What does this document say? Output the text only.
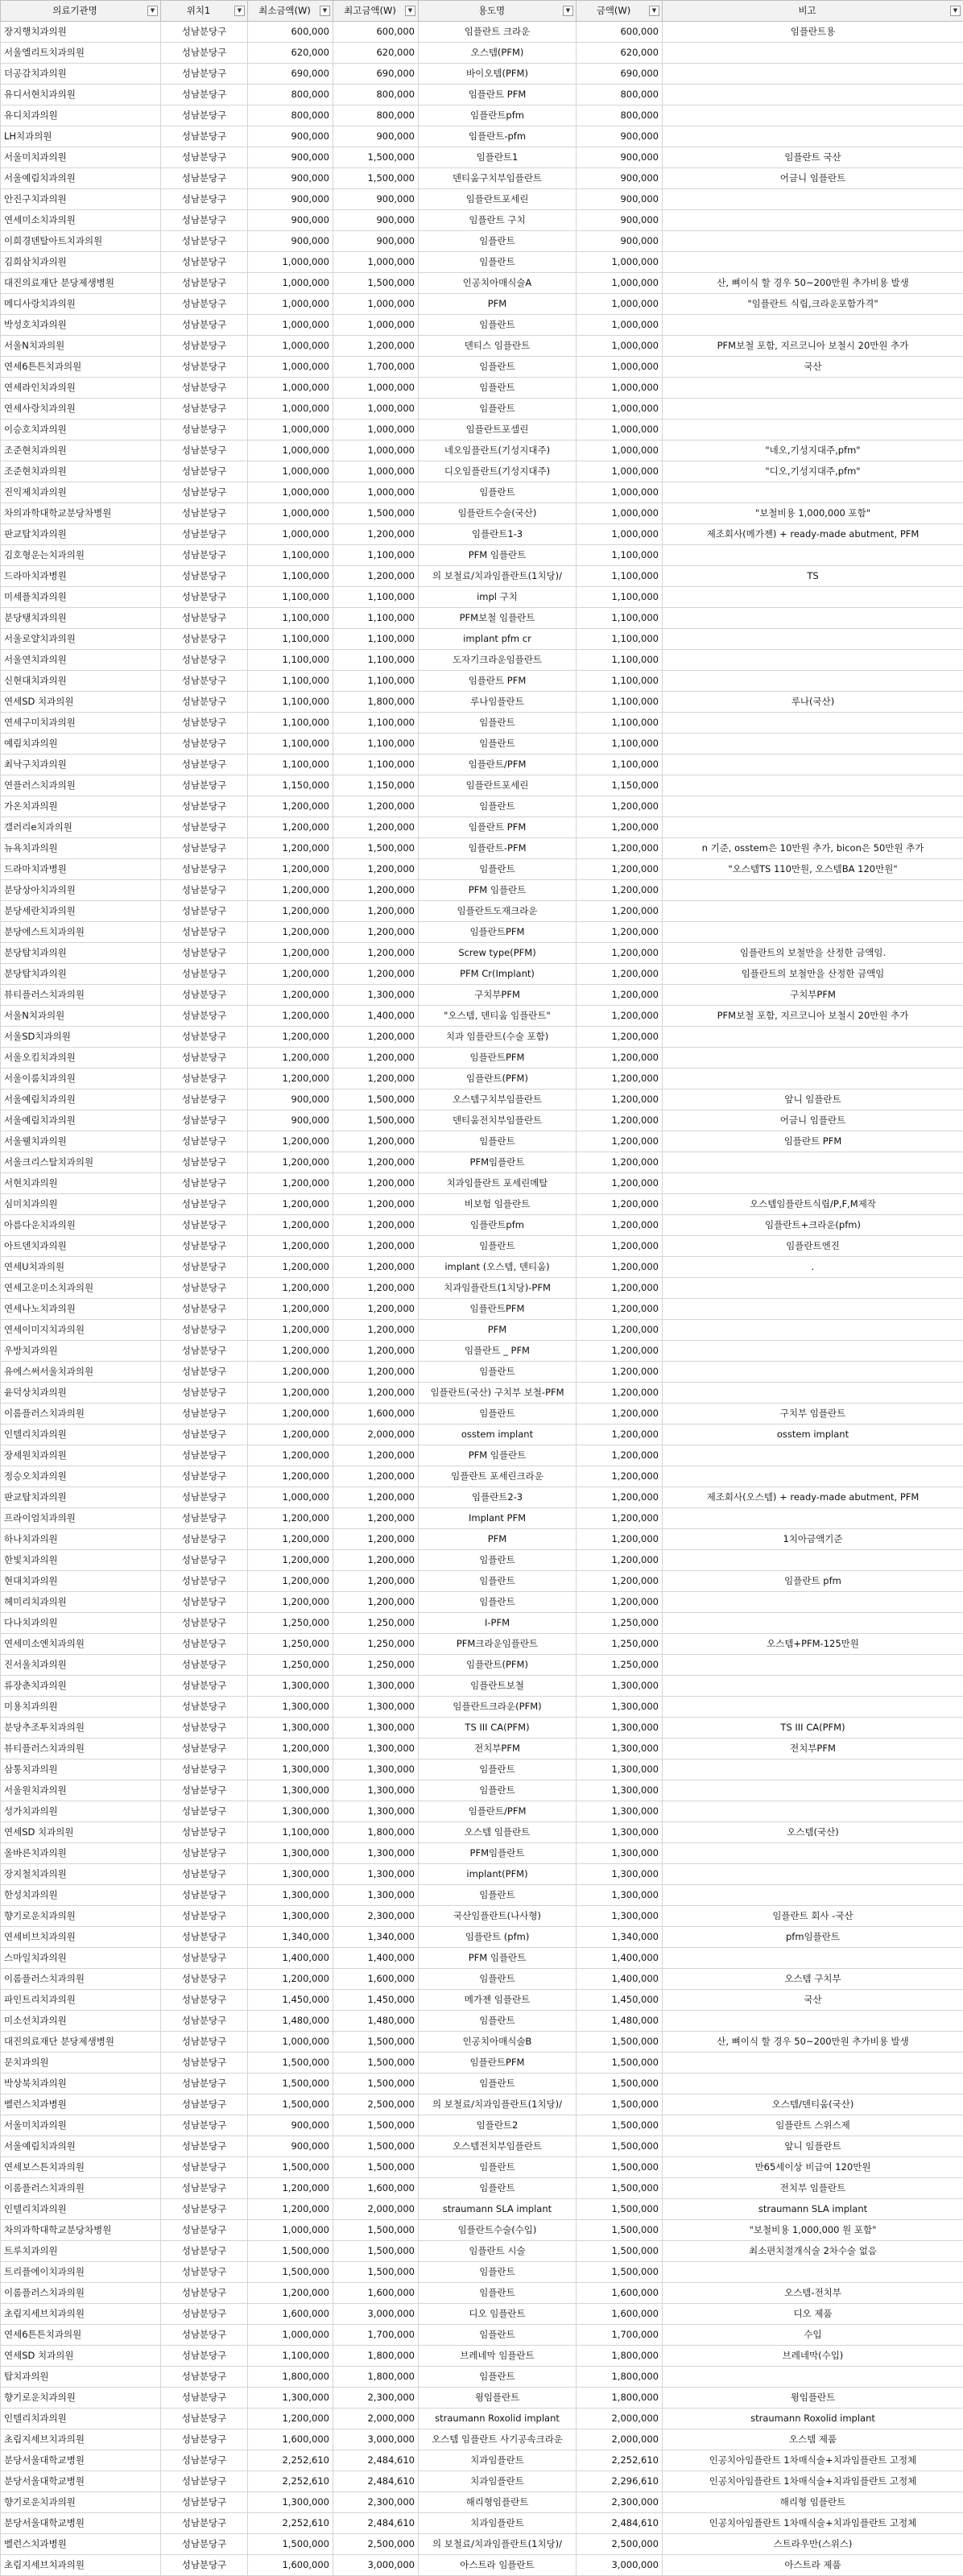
의료기관명 ▼	위치1 ▼	최소금액(W) ▼	최고금액(W) ▼	용도명 ▼	금액(W) ▼	비고 ▼

장지행치과의원	성남분당구	600,000	600,000	임플란트 크라운	600,000	임플란트용
서울엘리트치과의원	성남분당구	620,000	620,000	오스템(PFM)	620,000	
더공감치과의원	성남분당구	690,000	690,000	바이오템(PFM)	690,000	
유디서현치과의원	성남분당구	800,000	800,000	임플란트 PFM	800,000	
유디치과의원	성남분당구	800,000	800,000	임플란트pfm	800,000	
LH치과의원	성남분당구	900,000	900,000	임플란트-pfm	900,000	
서울미치과의원	성남분당구	900,000	1,500,000	임플란트1	900,000	임플란트 국산
서울예림치과의원	성남분당구	900,000	1,500,000	덴티움구치부임플란트	900,000	어금니 임플란트
안진구치과의원	성남분당구	900,000	900,000	임플란트포세린	900,000	
연세미소치과의원	성남분당구	900,000	900,000	임플란트 구치	900,000	
이희경덴탈아트치과의원	성남분당구	900,000	900,000	임플란트	900,000	
김희삼치과의원	성남분당구	1,000,000	1,000,000	임플란트	1,000,000	
대진의료재단 분당제생병원	성남분당구	1,000,000	1,500,000	인공치아매식술A	1,000,000	산, 뼈이식 할 경우 50~200만원 추가비용 발생
메디사랑치과의원	성남분당구	1,000,000	1,000,000	PFM	1,000,000	"임플란트 식립,크라운포함가격"
박성호치과의원	성남분당구	1,000,000	1,000,000	임플란트	1,000,000	
서울N치과의원	성남분당구	1,000,000	1,200,000	덴티스 임플란트	1,000,000	PFM보철 포함, 지르코니아 보철시 20만원 추가
연세6튼튼치과의원	성남분당구	1,000,000	1,700,000	임플란트	1,000,000	국산
연세라인치과의원	성남분당구	1,000,000	1,000,000	임플란트	1,000,000	
연세사랑치과의원	성남분당구	1,000,000	1,000,000	임플란트	1,000,000	
이승호치과의원	성남분당구	1,000,000	1,000,000	임플란트포셀린	1,000,000	
조준현치과의원	성남분당구	1,000,000	1,000,000	네오임플란트(기성지대주)	1,000,000	"네오,기성지대주,pfm"
조준현치과의원	성남분당구	1,000,000	1,000,000	디오임플란트(기성지대주)	1,000,000	"디오,기성지대주,pfm"
진익제치과의원	성남분당구	1,000,000	1,000,000	임플란트	1,000,000	
차의과학대학교분당차병원	성남분당구	1,000,000	1,500,000	임플란트수술(국산)	1,000,000	"보철비용 1,000,000 포함"
판교탑치과의원	성남분당구	1,000,000	1,200,000	임플란트1-3	1,000,000	제조회사(메가젠) + ready-made abutment, PFM
김호형운는치과의원	성남분당구	1,100,000	1,100,000	PFM 임플란트	1,100,000	
드라마치과병원	성남분당구	1,100,000	1,200,000	의 보철료/치과임플란트(1치당)/	1,100,000	TS
미세플치과의원	성남분당구	1,100,000	1,100,000	impl 구치	1,100,000	
분당탱치과의원	성남분당구	1,100,000	1,100,000	PFM보철 임플란트	1,100,000	
서울로얄치과의원	성남분당구	1,100,000	1,100,000	implant pfm cr	1,100,000	
서울연치과의원	성남분당구	1,100,000	1,100,000	도자기크라운임플란트	1,100,000	
신현대치과의원	성남분당구	1,100,000	1,100,000	임플란트 PFM	1,100,000	
연세SD 치과의원	성남분당구	1,100,000	1,800,000	루나임플란트	1,100,000	루나(국산)
연세구미치과의원	성남분당구	1,100,000	1,100,000	임플란트	1,100,000	
예림치과의원	성남분당구	1,100,000	1,100,000	임플란트	1,100,000	
최낙구치과의원	성남분당구	1,100,000	1,100,000	임플란트/PFM	1,100,000	
연플러스치과의원	성남분당구	1,150,000	1,150,000	임플란트포세린	1,150,000	
가온치과의원	성남분당구	1,200,000	1,200,000	임플란트	1,200,000	
갤러리e치과의원	성남분당구	1,200,000	1,200,000	임플란트 PFM	1,200,000	
뉴욕치과의원	성남분당구	1,200,000	1,500,000	임플란트-PFM	1,200,000	n 기준, osstem은 10만원 추가, bicon은 50만원 추가
드라마치과병원	성남분당구	1,200,000	1,200,000	임플란트	1,200,000	"오스템TS 110만원, 오스템BA 120만원"
분당상아치과의원	성남분당구	1,200,000	1,200,000	PFM 임플란트	1,200,000	
분당세란치과의원	성남분당구	1,200,000	1,200,000	임플란트도재크라운	1,200,000	
분당에스트치과의원	성남분당구	1,200,000	1,200,000	임플란트PFM	1,200,000	
분당탑치과의원	성남분당구	1,200,000	1,200,000	Screw type(PFM)	1,200,000	임플란트의 보철만을 산정한 금액임.
분당탑치과의원	성남분당구	1,200,000	1,200,000	PFM Cr(Implant)	1,200,000	임플란트의 보철만을 산정한 금액임
뷰티플러스치과의원	성남분당구	1,200,000	1,300,000	구치부PFM	1,200,000	구치부PFM
서울N치과의원	성남분당구	1,200,000	1,400,000	"오스템, 덴티움 임플란트"	1,200,000	PFM보철 포함, 지르코니아 보철시 20만원 추가
서울SD치과의원	성남분당구	1,200,000	1,200,000	치과 임플란트(수술 포함)	1,200,000	
서울오킴치과의원	성남분당구	1,200,000	1,200,000	임플란트PFM	1,200,000	
서울이룸치과의원	성남분당구	1,200,000	1,200,000	임플란트(PFM)	1,200,000	
서울예림치과의원	성남분당구	900,000	1,500,000	오스템구치부임플란트	1,200,000	앞니 임플란트
서울예림치과의원	성남분당구	900,000	1,500,000	덴티움전치부임플란트	1,200,000	어금니 임플란트
서울웰치과의원	성남분당구	1,200,000	1,200,000	임플란트	1,200,000	임플란트 PFM
서울크리스탈치과의원	성남분당구	1,200,000	1,200,000	PFM임플란트	1,200,000	
서현치과의원	성남분당구	1,200,000	1,200,000	치과임플란트 포세린메탈	1,200,000	
심미치과의원	성남분당구	1,200,000	1,200,000	비보험 임플란트	1,200,000	오스템임플란트식립/P,F,M제작
아름다운치과의원	성남분당구	1,200,000	1,200,000	임플란트pfm	1,200,000	임플란트+크라운(pfm)
아트덴치과의원	성남분당구	1,200,000	1,200,000	임플란트	1,200,000	임플란트엔진
연세U치과의원	성남분당구	1,200,000	1,200,000	implant (오스템, 덴티움)	1,200,000	.
연세고운미소치과의원	성남분당구	1,200,000	1,200,000	치과임플란트(1치당)-PFM	1,200,000	
연세나노치과의원	성남분당구	1,200,000	1,200,000	임플란트PFM	1,200,000	
연세이미지치과의원	성남분당구	1,200,000	1,200,000	PFM	1,200,000	
우방치과의원	성남분당구	1,200,000	1,200,000	임플란트 _ PFM	1,200,000	
유에스써서울치과의원	성남분당구	1,200,000	1,200,000	임플란트	1,200,000	
윤덕상치과의원	성남분당구	1,200,000	1,200,000	임플란트(국산) 구치부 보철-PFM	1,200,000	
이롬플러스치과의원	성남분당구	1,200,000	1,600,000	임플란트	1,200,000	구치부 임플란트
인텔리치과의원	성남분당구	1,200,000	2,000,000	osstem implant	1,200,000	osstem implant
장세원치과의원	성남분당구	1,200,000	1,200,000	PFM 임플란트	1,200,000	
정승오치과의원	성남분당구	1,200,000	1,200,000	임플란트 포세린크라운	1,200,000	
판교탑치과의원	성남분당구	1,000,000	1,200,000	임플란트2-3	1,200,000	제조회사(오스템) + ready-made abutment, PFM
프라이엄치과의원	성남분당구	1,200,000	1,200,000	Implant PFM	1,200,000	
하나치과의원	성남분당구	1,200,000	1,200,000	PFM	1,200,000	1치아금액기준
한빛치과의원	성남분당구	1,200,000	1,200,000	임플란트	1,200,000	
현대치과의원	성남분당구	1,200,000	1,200,000	임플란트	1,200,000	임플란트 pfm
헤미리치과의원	성남분당구	1,200,000	1,200,000	임플란트	1,200,000	
다나치과의원	성남분당구	1,250,000	1,250,000	I-PFM	1,250,000	
연세미소엔치과의원	성남분당구	1,250,000	1,250,000	PFM크라운임플란트	1,250,000	오스템+PFM-125만원
진서울치과의원	성남분당구	1,250,000	1,250,000	임플란트(PFM)	1,250,000	
류장춘치과의원	성남분당구	1,300,000	1,300,000	임플란트보철	1,300,000	
미용치과의원	성남분당구	1,300,000	1,300,000	임플란트크라운(PFM)	1,300,000	
분당추조투치과의원	성남분당구	1,300,000	1,300,000	TS III CA(PFM)	1,300,000	TS III CA(PFM)
뷰티플러스치과의원	성남분당구	1,200,000	1,300,000	전치부PFM	1,300,000	전치부PFM
삼통치과의원	성남분당구	1,300,000	1,300,000	임플란트	1,300,000	
서울원치과의원	성남분당구	1,300,000	1,300,000	임플란트	1,300,000	
성가치과의원	성남분당구	1,300,000	1,300,000	임플란트/PFM	1,300,000	
연세SD 치과의원	성남분당구	1,100,000	1,800,000	오스템 임플란트	1,300,000	오스템(국산)
올바른치과의원	성남분당구	1,300,000	1,300,000	PFM임플란트	1,300,000	
장지철치과의원	성남분당구	1,300,000	1,300,000	implant(PFM)	1,300,000	
한성치과의원	성남분당구	1,300,000	1,300,000	임플란트	1,300,000	
향기로운치과의원	성남분당구	1,300,000	2,300,000	국산임플란트(나사형)	1,300,000	임플란트 회사 -국산
연세비브치과의원	성남분당구	1,340,000	1,340,000	임플란트 (pfm)	1,340,000	pfm임플란트
스마일치과의원	성남분당구	1,400,000	1,400,000	PFM 임플란트	1,400,000	
이롬플러스치과의원	성남분당구	1,200,000	1,600,000	임플란트	1,400,000	오스템 구치부
파인트리치과의원	성남분당구	1,450,000	1,450,000	메가젠 임플란트	1,450,000	국산
미소선치과의원	성남분당구	1,480,000	1,480,000	임플란트	1,480,000	
대진의료재단 분당제생병원	성남분당구	1,000,000	1,500,000	인공치아매식술B	1,500,000	산, 뼈이식 할 경우 50~200만원 추가비용 발생
문치과의원	성남분당구	1,500,000	1,500,000	임플란트PFM	1,500,000	
박상북치과의원	성남분당구	1,500,000	1,500,000	임플란트	1,500,000	
벨런스치과병원	성남분당구	1,500,000	2,500,000	의 보철료/치과임플란트(1치당)/	1,500,000	오스템/덴티움(국산)
서울미치과의원	성남분당구	900,000	1,500,000	임플란트2	1,500,000	임플란트 스위스제
서울예림치과의원	성남분당구	900,000	1,500,000	오스템전치부임플란트	1,500,000	앞니 임플란트
연세보스튼치과의원	성남분당구	1,500,000	1,500,000	임플란트	1,500,000	만65세이상 비급여 120만원
이롬플러스치과의원	성남분당구	1,200,000	1,600,000	임플란트	1,500,000	전치부 임플란트
인텔리치과의원	성남분당구	1,200,000	2,000,000	straumann SLA implant	1,500,000	straumann SLA implant
차의과학대학교분당차병원	성남분당구	1,000,000	1,500,000	임플란트수술(수입)	1,500,000	"보철비용 1,000,000 원 포함"
트루치과의원	성남분당구	1,500,000	1,500,000	임플란트 시술	1,500,000	최소편치절개식술 2차수술 없음
트리플에이치과의원	성남분당구	1,500,000	1,500,000	임플란트	1,500,000	
이롬플러스치과의원	성남분당구	1,200,000	1,600,000	임플란트	1,600,000	오스템-전치부
초림지세브치과의원	성남분당구	1,600,000	3,000,000	디오 임플란트	1,600,000	디오 제품
연세6튼튼치과의원	성남분당구	1,000,000	1,700,000	임플란트	1,700,000	수입
연세SD 치과의원	성남분당구	1,100,000	1,800,000	브레네막 임플란트	1,800,000	브레네막(수입)
탑치과의원	성남분당구	1,800,000	1,800,000	임플란트	1,800,000	
향기로운치과의원	성남분당구	1,300,000	2,300,000	윙임플란트	1,800,000	윙임플란트
인텔리치과의원	성남분당구	1,200,000	2,000,000	straumann Roxolid implant	2,000,000	straumann Roxolid implant
초림지세브치과의원	성남분당구	1,600,000	3,000,000	오스템 임플란트 사기공속크라운	2,000,000	오스템 제품
분당서울대학교병원	성남분당구	2,252,610	2,484,610	치과임플란트	2,252,610	인공치아임플란트 1차매식술+치과임플란트 고정체
분당서울대학교병원	성남분당구	2,252,610	2,484,610	치과임플란트	2,296,610	인공치아임플란트 1차매식술+치과임플란트 고정체
향기로운치과의원	성남분당구	1,300,000	2,300,000	해리형임플란트	2,300,000	해리형 임플란트
분당서울대학교병원	성남분당구	2,252,610	2,484,610	치과임플란트	2,484,610	인공치아임플란트 1차매식술+치과임플란트 고정체
벨런스치과병원	성남분당구	1,500,000	2,500,000	의 보철료/치과임플란트(1치당)/	2,500,000	스트라우만(스위스)
초림지세브치과의원	성남분당구	1,600,000	3,000,000	아스트라 임플란트	3,000,000	아스트라 제품
